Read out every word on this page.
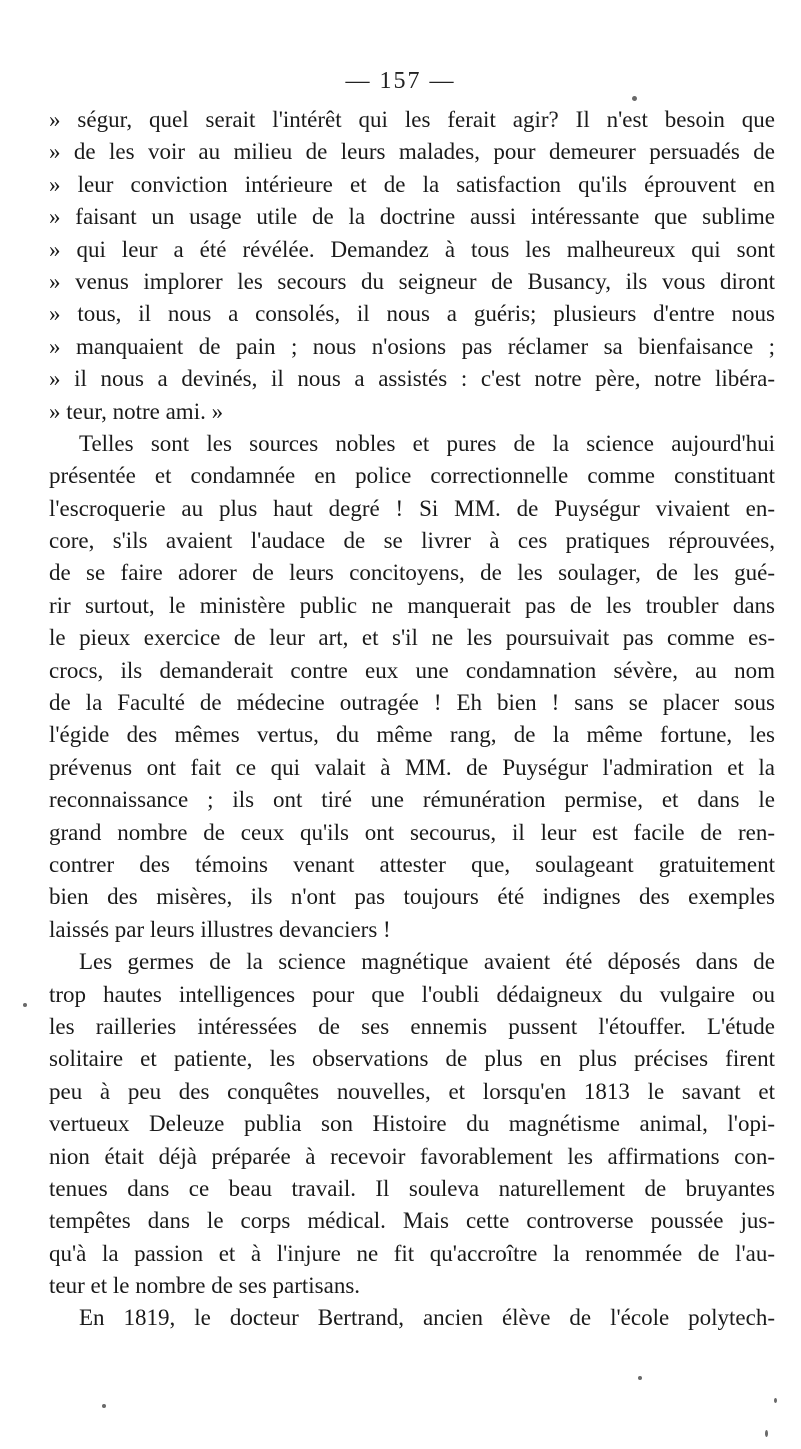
— 157 —
» ségur, quel serait l'intérêt qui les ferait agir? Il n'est besoin que
» de les voir au milieu de leurs malades, pour demeurer persuadés de
» leur conviction intérieure et de la satisfaction qu'ils éprouvent en
» faisant un usage utile de la doctrine aussi intéressante que sublime
» qui leur a été révélée. Demandez à tous les malheureux qui sont
» venus implorer les secours du seigneur de Busancy, ils vous diront
» tous, il nous a consolés, il nous a guéris; plusieurs d'entre nous
» manquaient de pain ; nous n'osions pas réclamer sa bienfaisance ;
» il nous a devinés, il nous a assistés : c'est notre père, notre libéra-
» teur, notre ami. »
Telles sont les sources nobles et pures de la science aujourd'hui
présentée et condamnée en police correctionnelle comme constituant
l'escroquerie au plus haut degré ! Si MM. de Puységur vivaient en-
core, s'ils avaient l'audace de se livrer à ces pratiques réprouvées,
de se faire adorer de leurs concitoyens, de les soulager, de les gué-
rir surtout, le ministère public ne manquerait pas de les troubler dans
le pieux exercice de leur art, et s'il ne les poursuivait pas comme es-
crocs, ils demanderait contre eux une condamnation sévère, au nom
de la Faculté de médecine outragée ! Eh bien ! sans se placer sous
l'égide des mêmes vertus, du même rang, de la même fortune, les
prévenus ont fait ce qui valait à MM. de Puységur l'admiration et la
reconnaissance ; ils ont tiré une rémunération permise, et dans le
grand nombre de ceux qu'ils ont secourus, il leur est facile de ren-
contrer des témoins venant attester que, soulageant gratuitement
bien des misères, ils n'ont pas toujours été indignes des exemples
laissés par leurs illustres devanciers !
Les germes de la science magnétique avaient été déposés dans de
trop hautes intelligences pour que l'oubli dédaigneux du vulgaire ou
les railleries intéressées de ses ennemis pussent l'étouffer. L'étude
solitaire et patiente, les observations de plus en plus précises firent
peu à peu des conquêtes nouvelles, et lorsqu'en 1813 le savant et
vertueux Deleuze publia son Histoire du magnétisme animal, l'opi-
nion était déjà préparée à recevoir favorablement les affirmations con-
tenues dans ce beau travail. Il souleva naturellement de bruyantes
tempêtes dans le corps médical. Mais cette controverse poussée jus-
qu'à la passion et à l'injure ne fit qu'accroître la renommée de l'au-
teur et le nombre de ses partisans.
En 1819, le docteur Bertrand, ancien élève de l'école polytech-
